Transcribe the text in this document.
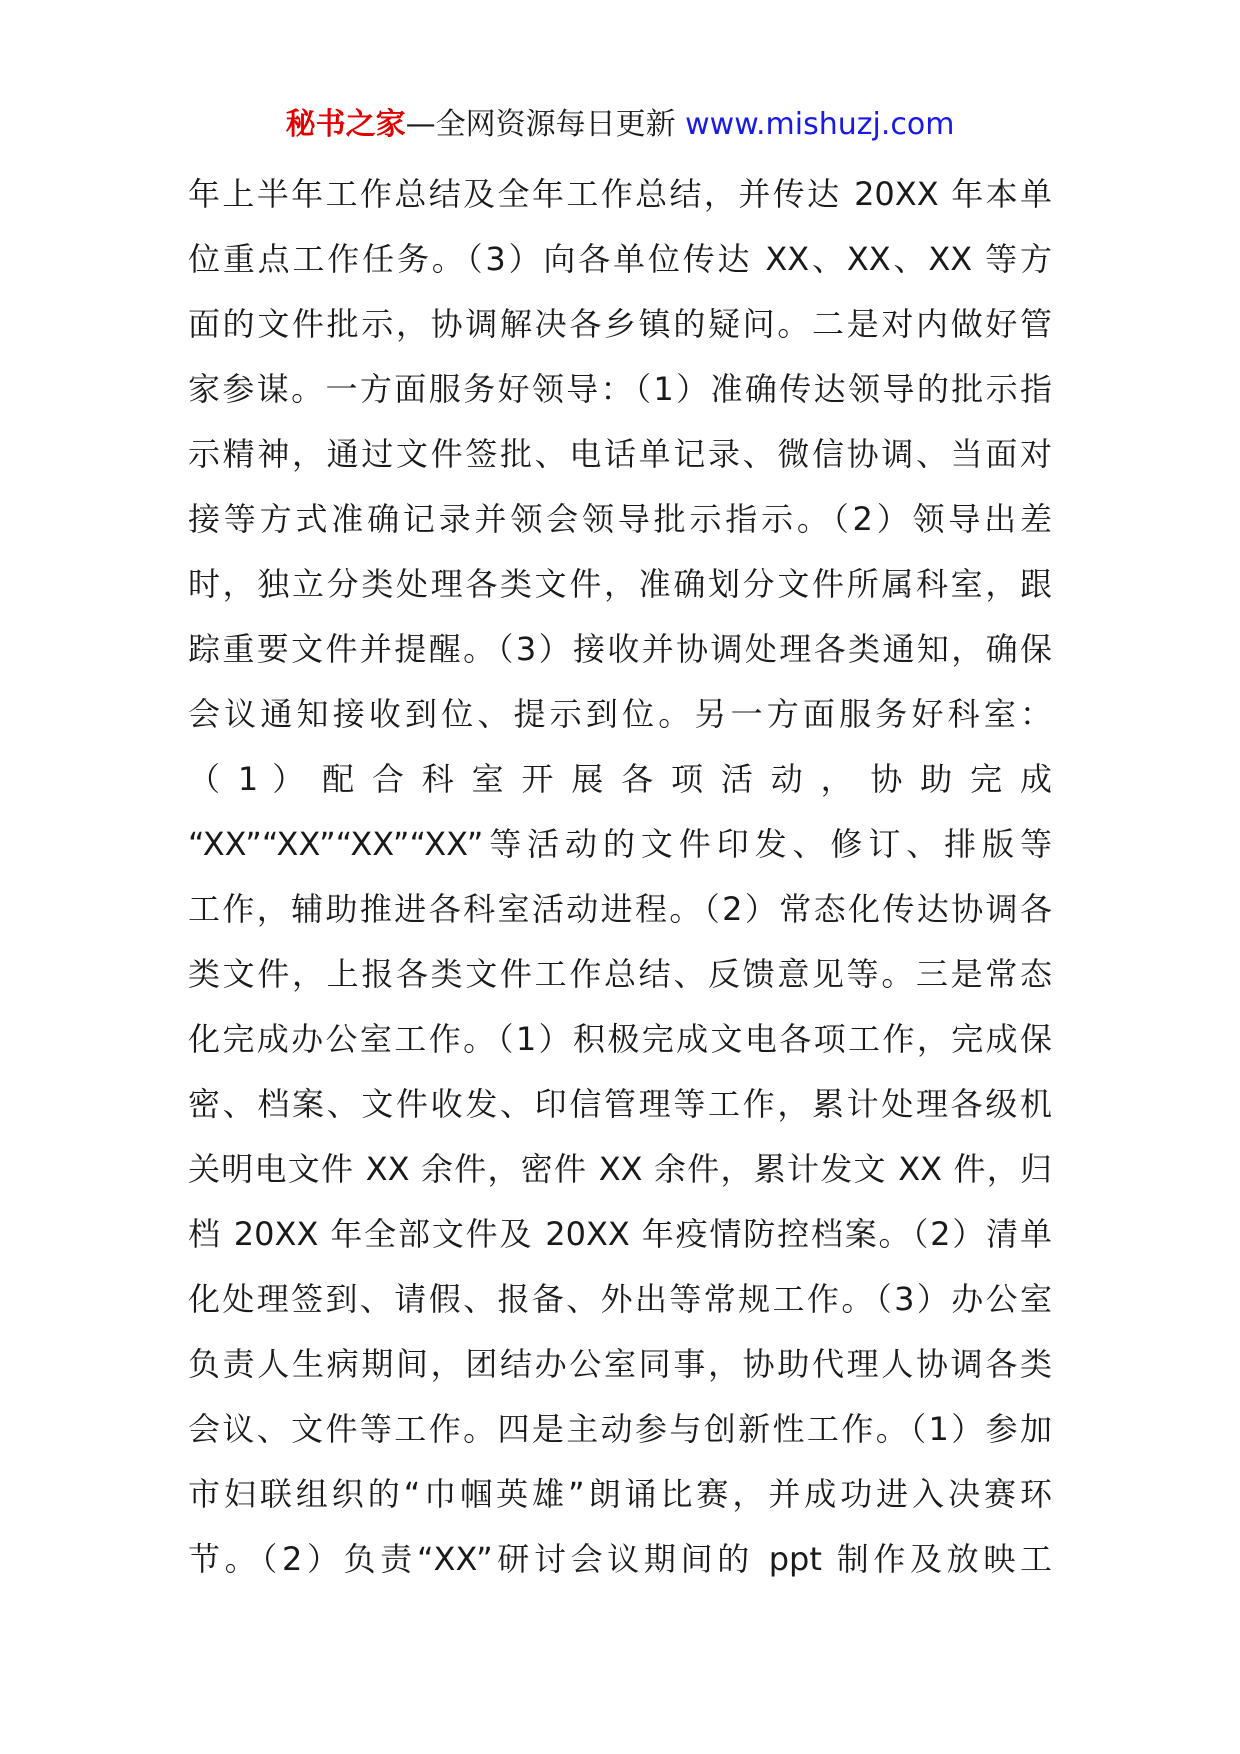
秘书之家—全网资源每日更新 www.mishuzj.com
年上半年工作总结及全年工作总结，并传达 20XX 年本单
位重点工作任务。（3）向各单位传达 XX、XX、XX 等方
面的文件批示，协调解决各乡镇的疑问。二是对内做好管
家参谋。一方面服务好领导：（1）准确传达领导的批示指
示精神，通过文件签批、电话单记录、微信协调、当面对
接等方式准确记录并领会领导批示指示。（2）领导出差
时，独立分类处理各类文件，准确划分文件所属科室，跟
踪重要文件并提醒。（3）接收并协调处理各类通知，确保
会议通知接收到位、提示到位。另一方面服务好科室：
（ 1 ） 配 合 科 室 开 展 各 项 活 动 ， 协 助 完 成
“XX”“XX”“XX”“XX”等活动的文件印发、修订、排版等
工作，辅助推进各科室活动进程。（2）常态化传达协调各
类文件，上报各类文件工作总结、反馈意见等。三是常态
化完成办公室工作。（1）积极完成文电各项工作，完成保
密、档案、文件收发、印信管理等工作，累计处理各级机
关明电文件 XX 余件，密件 XX 余件，累计发文 XX 件，归
档 20XX 年全部文件及 20XX 年疫情防控档案。（2）清单
化处理签到、请假、报备、外出等常规工作。（3）办公室
负责人生病期间，团结办公室同事，协助代理人协调各类
会议、文件等工作。四是主动参与创新性工作。（1）参加
市妇联组织的“巾帼英雄”朗诵比赛，并成功进入决赛环
节。（2）负责“XX”研讨会议期间的 ppt 制作及放映工
